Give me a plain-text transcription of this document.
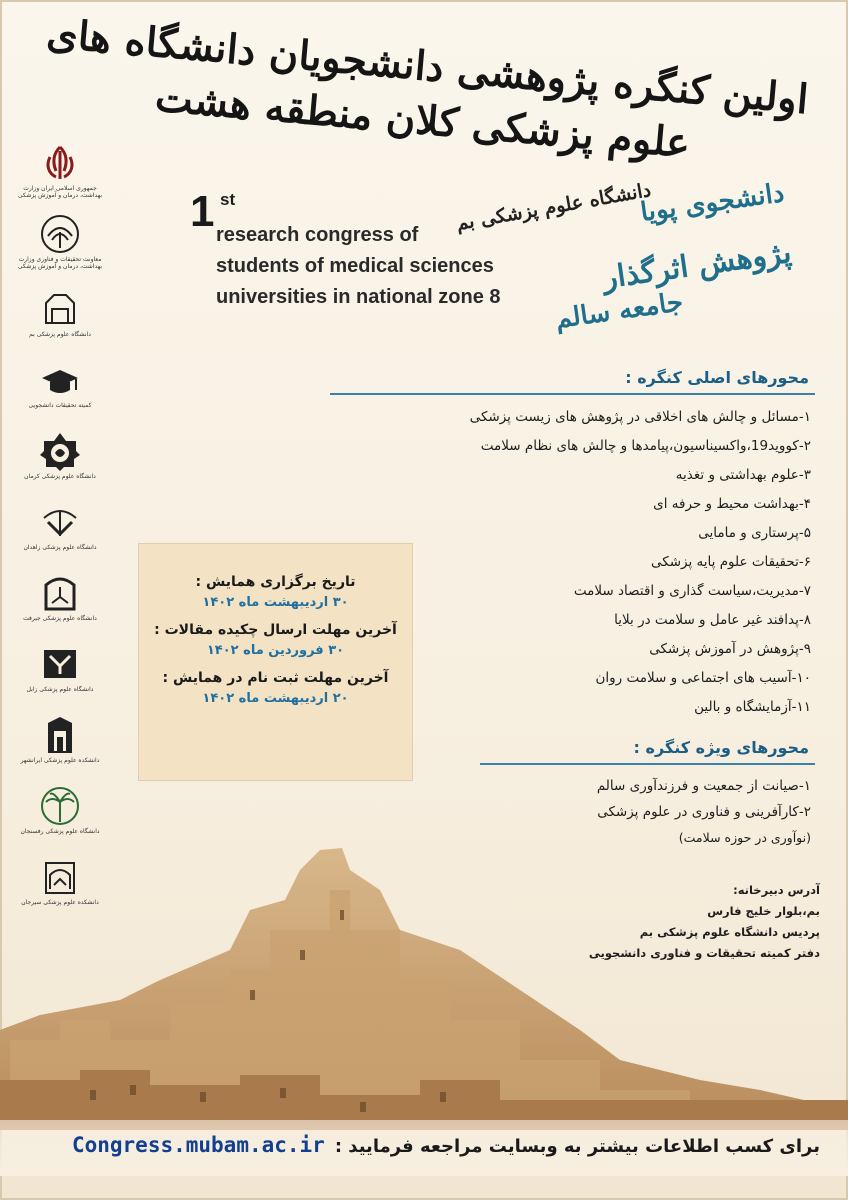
اولین کنگره پژوهشی دانشجویان دانشگاه های علوم پزشکی کلان منطقه هشت
جمهوری اسلامی ایران وزارت بهداشت، درمان و آموزش پزشکی
معاونت تحقیقات و فناوری وزارت بهداشت، درمان و آموزش پزشکی
دانشگاه علوم پزشکی بم
کمیته تحقیقات دانشجویی
دانشگاه علوم پزشکی کرمان
دانشگاه علوم پزشکی زاهدان
دانشگاه علوم پزشکی جیرفت
دانشگاه علوم پزشکی زابل
دانشکده علوم پزشکی ایرانشهر
دانشگاه علوم پزشکی رفسنجان
دانشکده علوم پزشکی سیرجان
1 st
research congress of
students of medical sciences
universities in national zone 8
دانشگاه علوم پزشکی بم
دانشجوی پویا
پژوهش اثرگذار
جامعه سالم
محورهای اصلی کنگره :
۱-مسائل و چالش های اخلاقی در پژوهش های زیست پزشکی
۲-کووید19،واکسیناسیون،پیامدها و چالش های نظام سلامت
۳-علوم بهداشتی و تغذیه
۴-بهداشت محیط و حرفه ای
۵-پرستاری و مامایی
۶-تحقیقات علوم پایه پزشکی
۷-مدیریت،سیاست گذاری و اقتصاد سلامت
۸-پدافند غیر عامل و سلامت در بلایا
۹-پژوهش در آموزش پزشکی
۱۰-آسیب های اجتماعی و سلامت روان
۱۱-آزمایشگاه و بالین
تاریخ برگزاری همایش :
۳۰ اردیبهشت ماه ۱۴۰۲
آخرین مهلت ارسال چکیده مقالات :
۳۰ فروردین ماه ۱۴۰۲
آخرین مهلت ثبت نام در همایش :
۲۰ اردیبهشت ماه ۱۴۰۲
محورهای ویژه کنگره :
۱-صیانت از جمعیت و فرزندآوری سالم
۲-کارآفرینی و فناوری در علوم پزشکی
(نوآوری در حوزه سلامت)
آدرس دبیرخانه:
بم،بلوار خلیج فارس
پردیس دانشگاه علوم پزشکی بم
دفتر کمیته تحقیقات و فناوری دانشجویی
برای کسب اطلاعات بیشتر به وبسایت مراجعه فرمایید :
Congress.mubam.ac.ir
